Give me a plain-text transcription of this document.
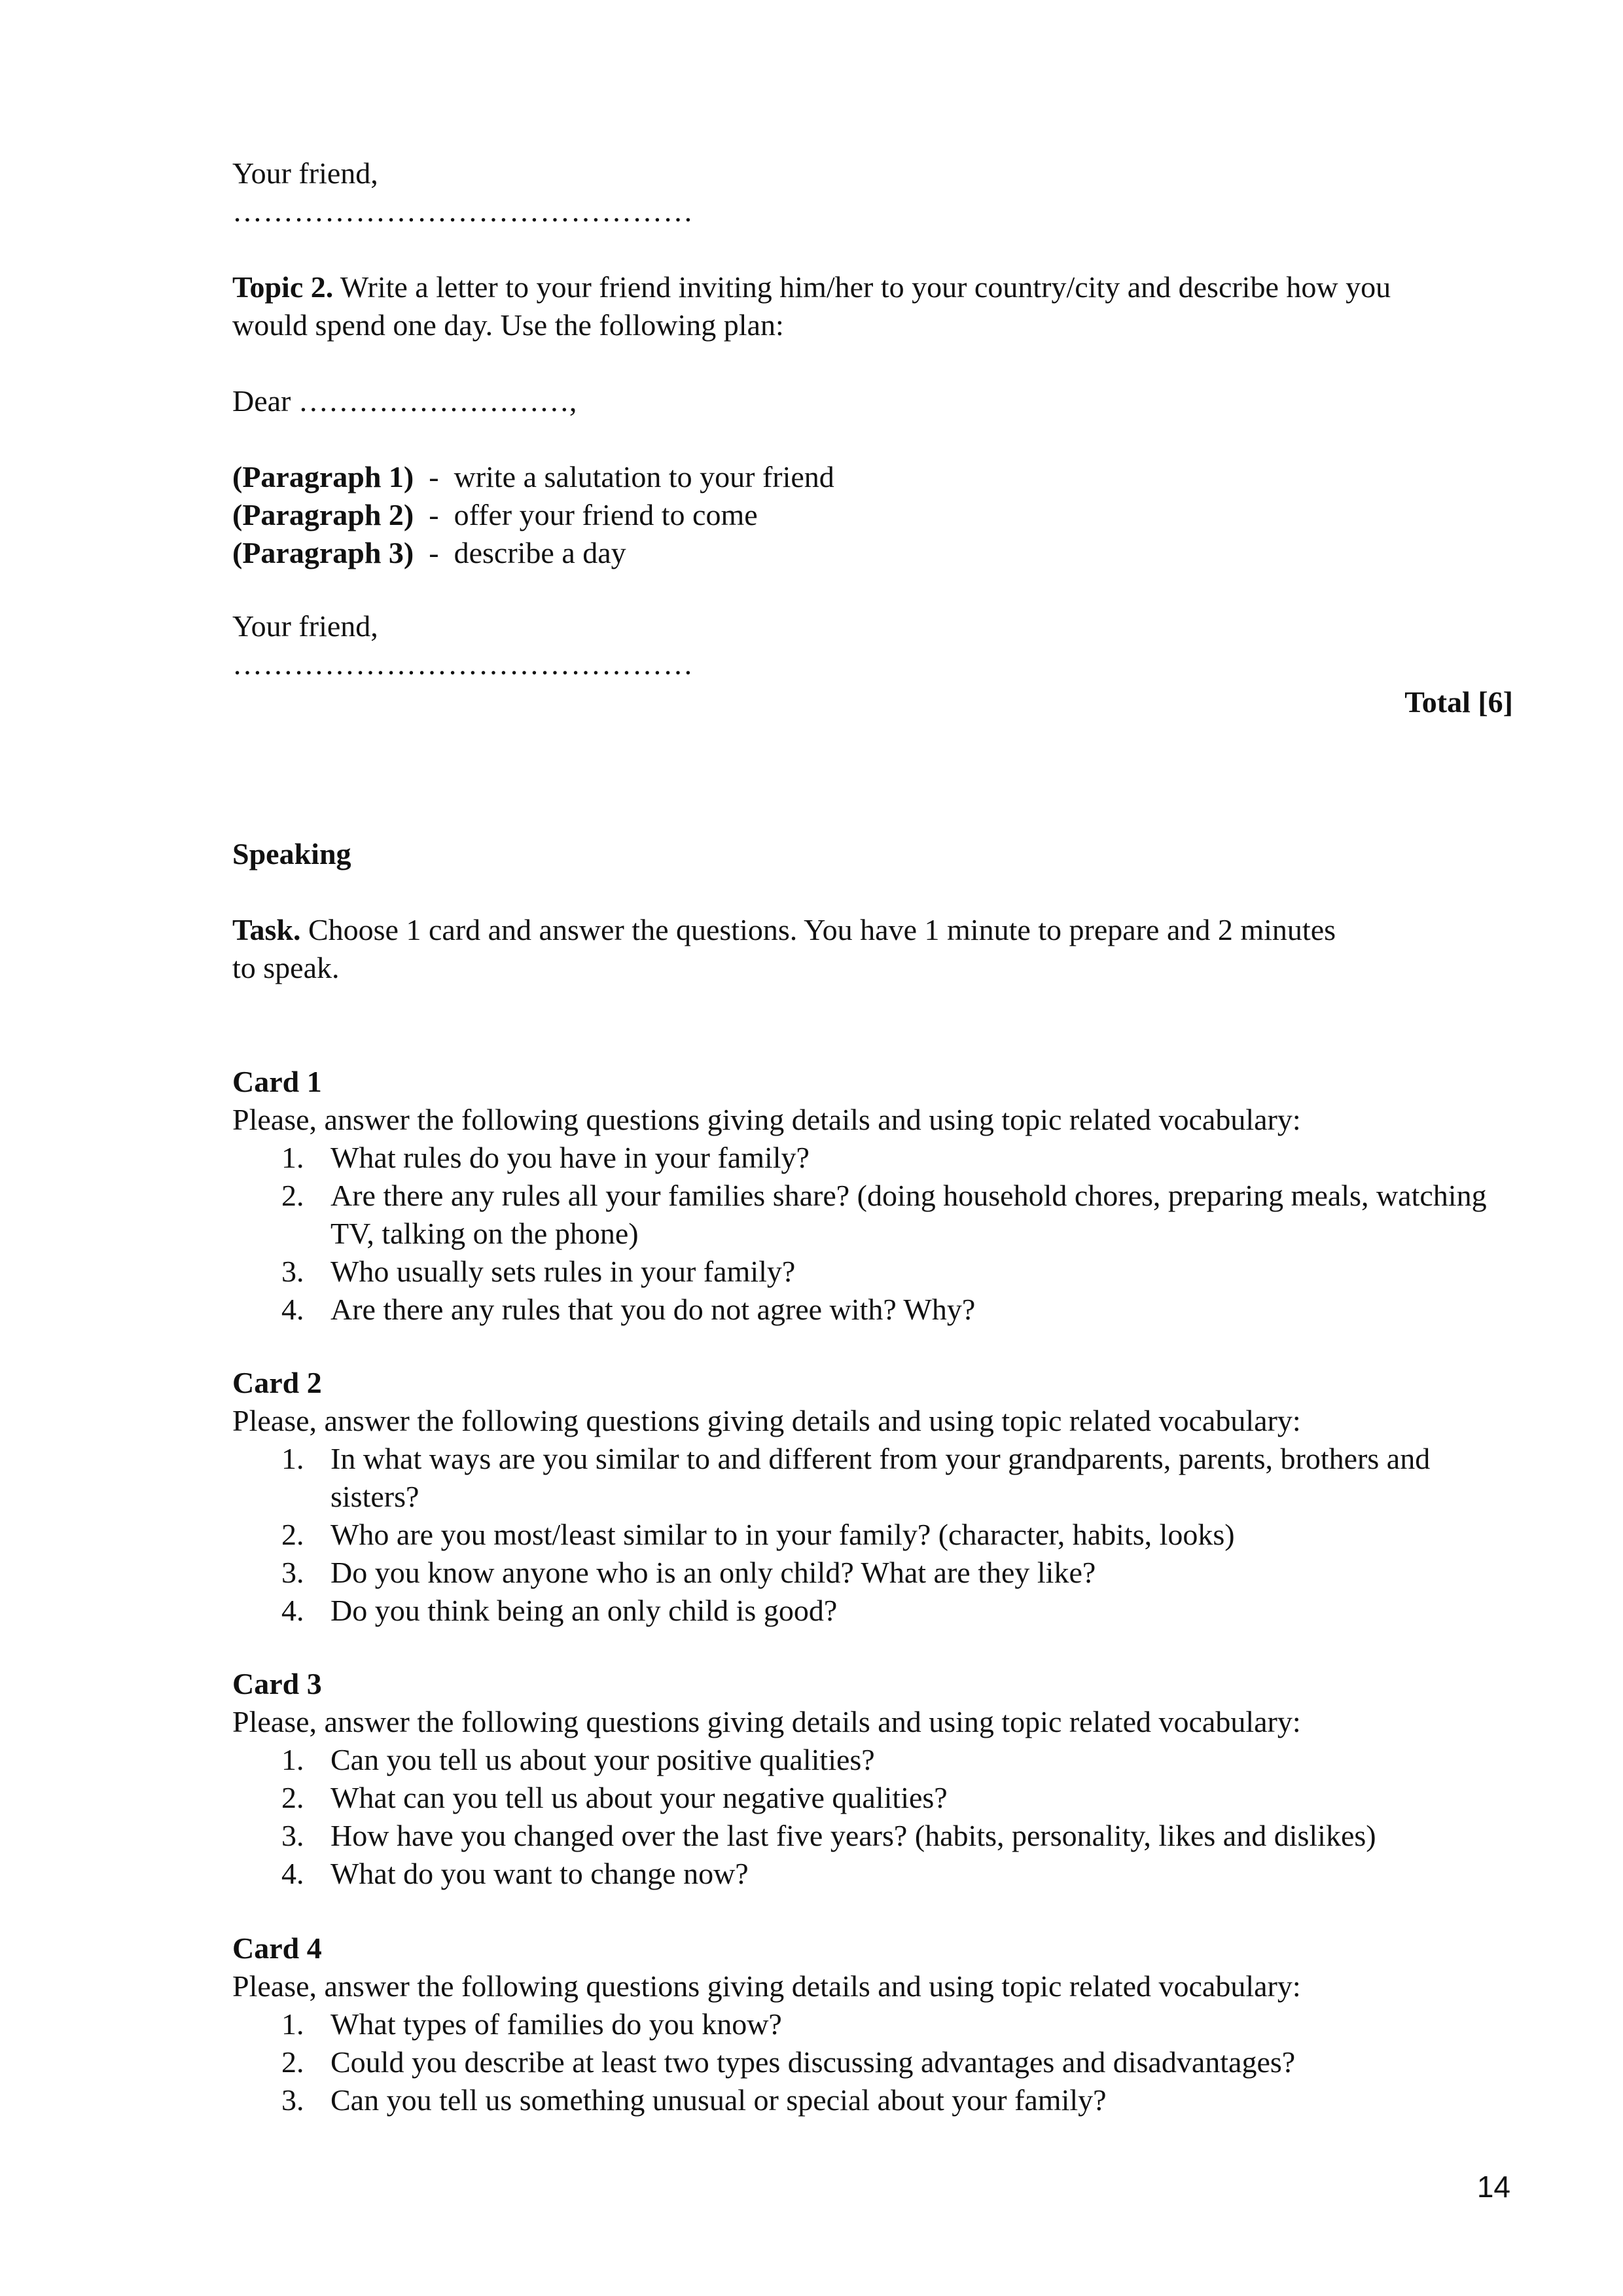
Your friend,
………………………………………
Topic 2. Write a letter to your friend inviting him/her to your country/city and describe how you would spend one day. Use the following plan:
Dear ………………………,
(Paragraph 1)  -  write a salutation to your friend
(Paragraph 2)  -  offer your friend to come
(Paragraph 3)  -  describe a day
Your friend,
………………………………………
Total [6]
Speaking
Task. Choose 1 card and answer the questions. You have 1 minute to prepare and 2 minutes to speak.
Card 1
Please, answer the following questions giving details and using topic related vocabulary:
1. What rules do you have in your family?
2. Are there any rules all your families share? (doing household chores, preparing meals, watching TV, talking on the phone)
3. Who usually sets rules in your family?
4. Are there any rules that you do not agree with? Why?
Card 2
Please, answer the following questions giving details and using topic related vocabulary:
1. In what ways are you similar to and different from your grandparents, parents, brothers and sisters?
2. Who are you most/least similar to in your family? (character, habits, looks)
3. Do you know anyone who is an only child? What are they like?
4. Do you think being an only child is good?
Card 3
Please, answer the following questions giving details and using topic related vocabulary:
1. Can you tell us about your positive qualities?
2. What can you tell us about your negative qualities?
3. How have you changed over the last five years? (habits, personality, likes and dislikes)
4. What do you want to change now?
Card 4
Please, answer the following questions giving details and using topic related vocabulary:
1. What types of families do you know?
2. Could you describe at least two types discussing advantages and disadvantages?
3. Can you tell us something unusual or special about your family?
14
